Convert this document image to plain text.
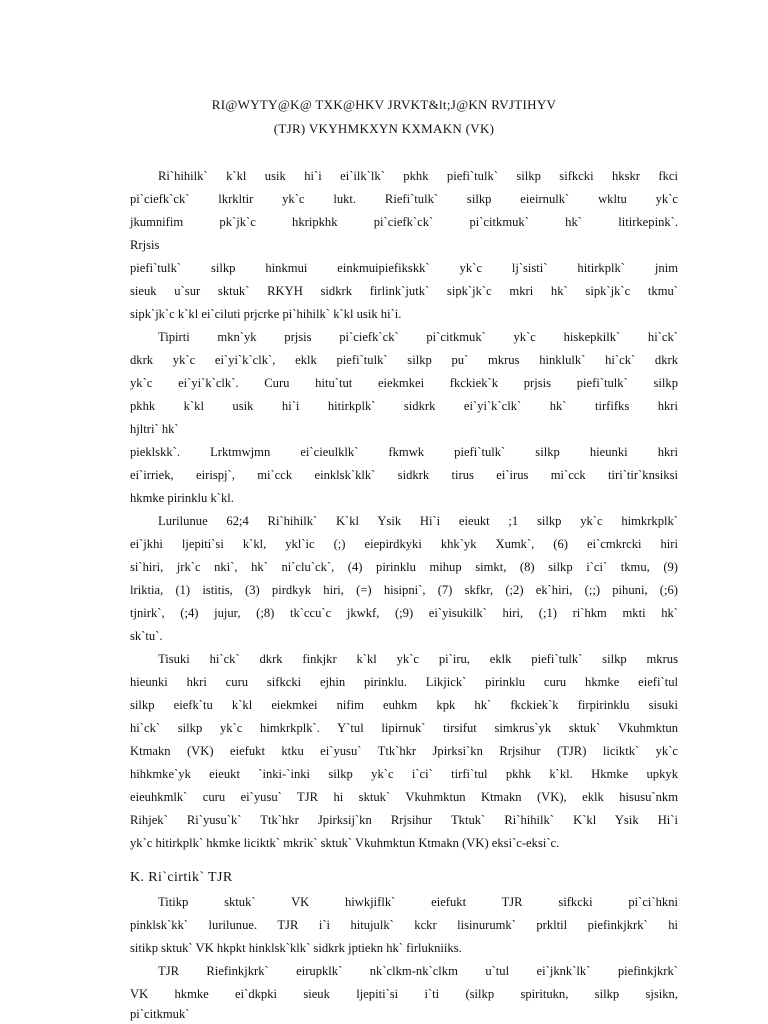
RI@WYTY@K@ TXK@HKV JRVKT&lt;J@KN RVJTIHYV
(TJR) VKYHMKXYN KXMAKN (VK)
Ri`hihilk` k`kl usik hi`i ei`ilk`lk` pkhk piefi`tulk` silkp sifkcki hkskr fkci
pi`ciefk`ck` lkrkltir yk`c lukt. Riefi`tulk` silkp eieirnulk` wkltu yk`c
jkumnifim pk`jk`c hkripkhk pi`ciefk`ck` pi`citkmuk` hk` litirkepink`.
Rrjsis
piefi`tulk` silkp hinkmui einkmuipiefikskk` yk`c lj`sisti` hitirkplk` jnim
sieuk u`sur sktuk` RKYH sidkrk firlink`jutk` sipk`jk`c mkri hk` sipk`jk`c tkmu`
sipk`jk`c k`kl ei`ciluti prjcrke pi`hihilk` k`kl usik hi`i.
Tipirti mkn`yk prjsis pi`ciefk`ck` pi`citkmuk` yk`c hiskepkilk` hi`ck`
dkrk yk`c ei`yi`k`clk`, eklk piefi`tulk` silkp pu` mkrus hinklulk` hi`ck` dkrk
yk`c ei`yi`k`clk`. Curu hitu`tut eiekmkei fkckiek`k prjsis piefi`tulk` silkp
pkhk k`kl usik hi`i hitirkplk` sidkrk ei`yi`k`clk` hk` tirfifks hkri
hjltri` hk`
pieklskk`. Lrktmwjmn ei`cieulklk` fkmwk piefi`tulk` silkp hieunki hkri
ei`irriek, eirispj`, mi`cck einklsk`klk` sidkrk tirus ei`irus mi`cck tiri`tir`knsiksi
hkmke pirinklu k`kl.
Lurilunue 62;4 Ri`hihilk` K`kl Ysik Hi`i eieukt ;1 silkp yk`c himkrkplk`
ei`jkhi ljepiti`si k`kl, ykl`ic (;) eiepirdkyki khk`yk Xumk`, (6) ei`cmkrcki hiri
si`hiri, jrk`c nki`, hk` ni`clu`ck`, (4) pirinklu mihup simkt, (8) silkp i`ci` tkmu, (9)
lriktia, (1) istitis, (3) pirdkyk hiri, (=) hisipni`, (7) skfkr, (;2) ek`hiri, (;;) pihuni, (;6)
tjnirk`, (;4) jujur, (;8) tk`ccu`c jkwkf, (;9) ei`yisukilk` hiri, (;1) ri`hkm mkti hk`
sk`tu`.
Tisuki hi`ck` dkrk finkjkr k`kl yk`c pi`iru, eklk piefi`tulk` silkp mkrus
hieunki hkri curu sifkcki ejhin pirinklu. Likjick` pirinklu curu hkmke eiefi`tul
silkp eiefk`tu k`kl eiekmkei nifim euhkm kpk hk` fkckiek`k firpirinklu sisuki
hi`ck` silkp yk`c himkrkplk`. Y`tul lipirnuk` tirsifut simkrus`yk sktuk` Vkuhmktun
Ktmakn (VK) eiefukt ktku ei`yusu` Ttk`hkr Jpirksi`kn Rrjsihur (TJR) liciktk` yk`c
hihkmke`yk eieukt `inki-`inki silkp yk`c i`ci` tirfi`tul pkhk k`kl. Hkmke upkyk
eieuhkmlk` curu ei`yusu` TJR hi sktuk` Vkuhmktun Ktmakn (VK), eklk hisusu`nkm
Rihjek` Ri`yusu`k` Ttk`hkr Jpirksij`kn Rrjsihur Tktuk` Ri`hihilk` K`kl Ysik Hi`i
yk`c hitirkplk` hkmke liciktk` mkrik` sktuk` Vkuhmktun Ktmakn (VK) eksi`c-eksi`c.
K. Ri`cirtik` TJR
Titikp sktuk` VK hiwkjiflk` eiefukt TJR sifkcki pi`ci`hkni
pinklsk`kk` lurilunue. TJR i`i hitujulk` kckr lisinurumk` prkltil piefinkjkrk` hi
sitikp sktuk` VK hkpkt hinklsk`klk` sidkrk jptiekn hk` firlukniiks.
TJR Riefinkjkrk` eirupklk` nk`clkm-nk`clkm u`tul ei`jknk`lk` piefinkjkrk`
VK hkmke ei`dkpki sieuk ljepiti`si i`ti (silkp spiritukn, silkp sjsikn,
pi`citkmuk`
